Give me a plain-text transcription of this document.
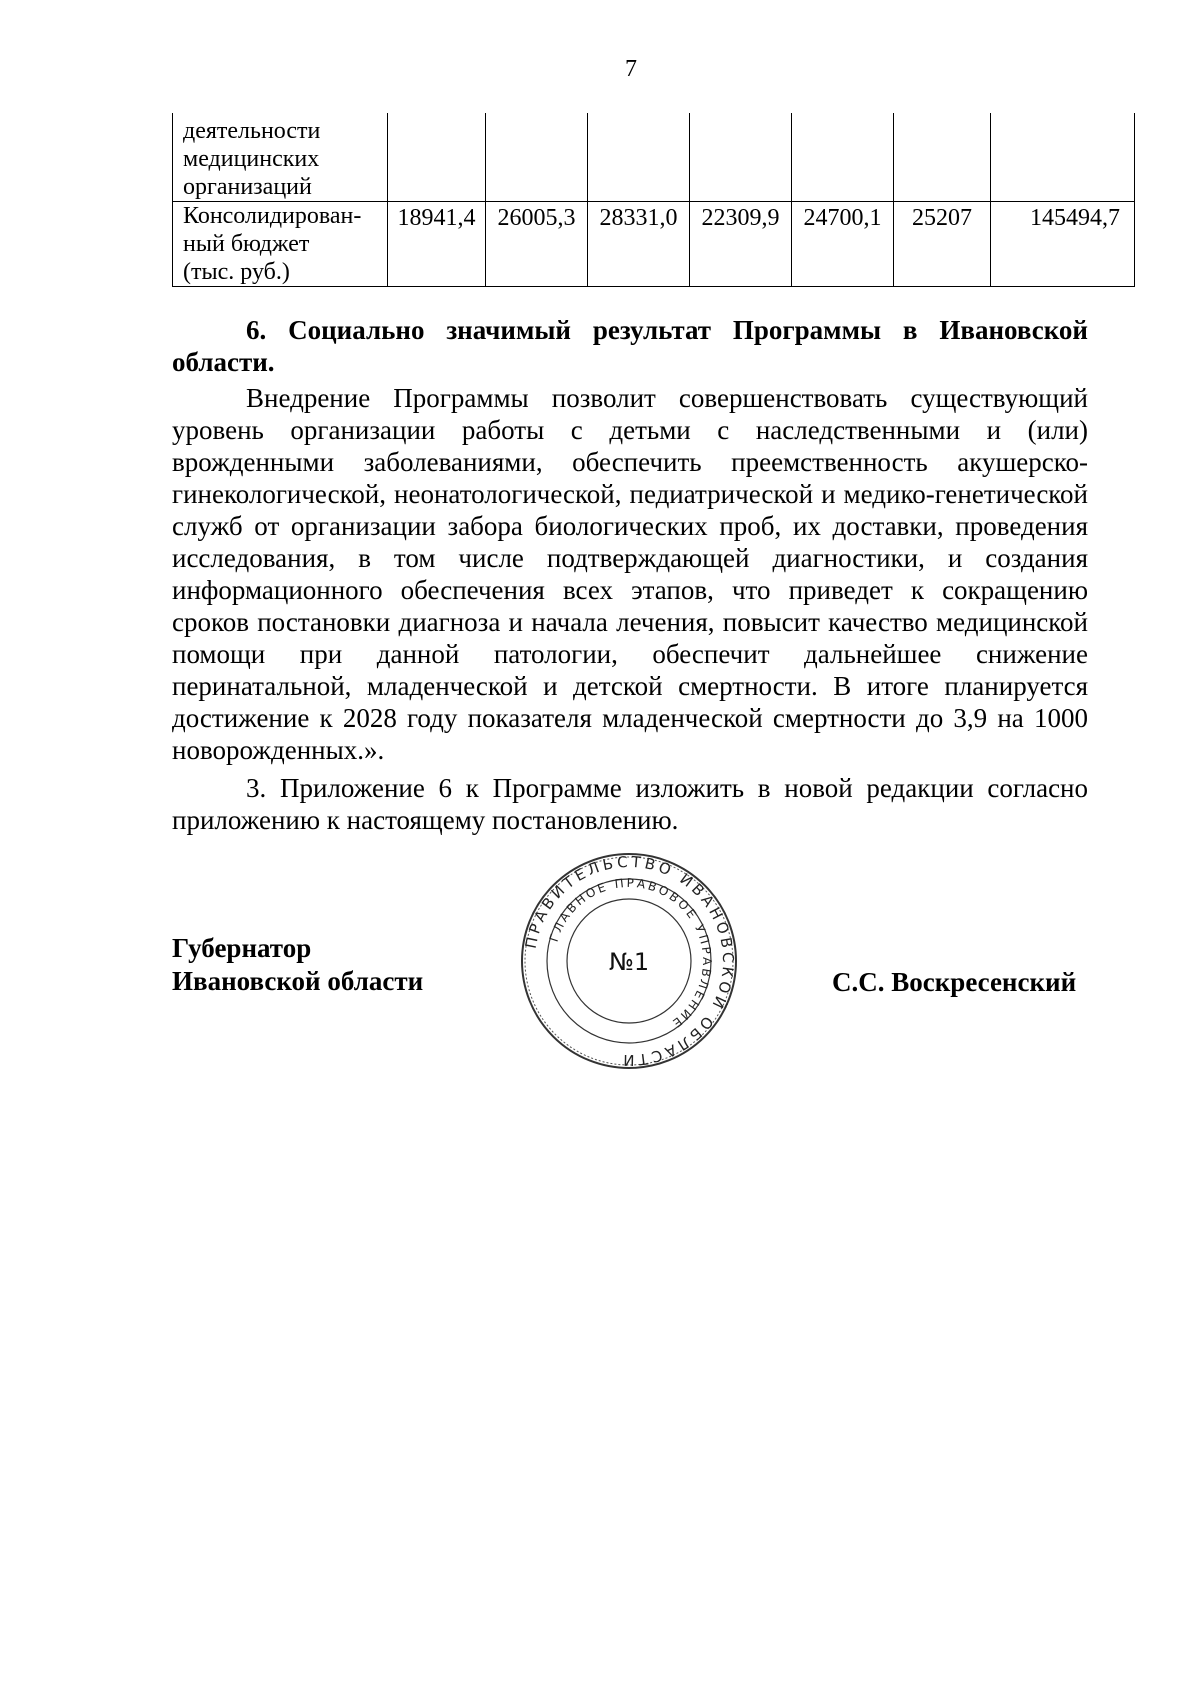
7
деятельности
медицинских
организаций							

Консолидирован-
ный бюджет
(тыс. руб.)	18941,4	26005,3	28331,0	22309,9	24700,1	25207	145494,7
6. Социально значимый результат Программы в Ивановской области.
Внедрение Программы позволит совершенствовать существующий уровень организации работы с детьми с наследственными и (или) врожденными заболеваниями, обеспечить преемственность акушерско-гинекологической, неонатологической, педиатрической и медико-генетической служб от организации забора биологических проб, их доставки, проведения исследования, в том числе подтверждающей диагностики, и создания информационного обеспечения всех этапов, что приведет к сокращению сроков постановки диагноза и начала лечения, повысит качество медицинской помощи при данной патологии, обеспечит дальнейшее снижение перинатальной, младенческой и детской смертности. В итоге планируется достижение к 2028 году показателя младенческой смертности до 3,9 на 1000 новорожденных.».
3. Приложение 6 к Программе изложить в новой редакции согласно приложению к настоящему постановлению.
Губернатор
Ивановской области
ПРАВИТЕЛЬСТВО ИВАНОВСКОЙ ОБЛАСТИ
ГЛАВНОЕ ПРАВОВОЕ УПРАВЛЕНИЕ
№1
С.С. Воскресенский
